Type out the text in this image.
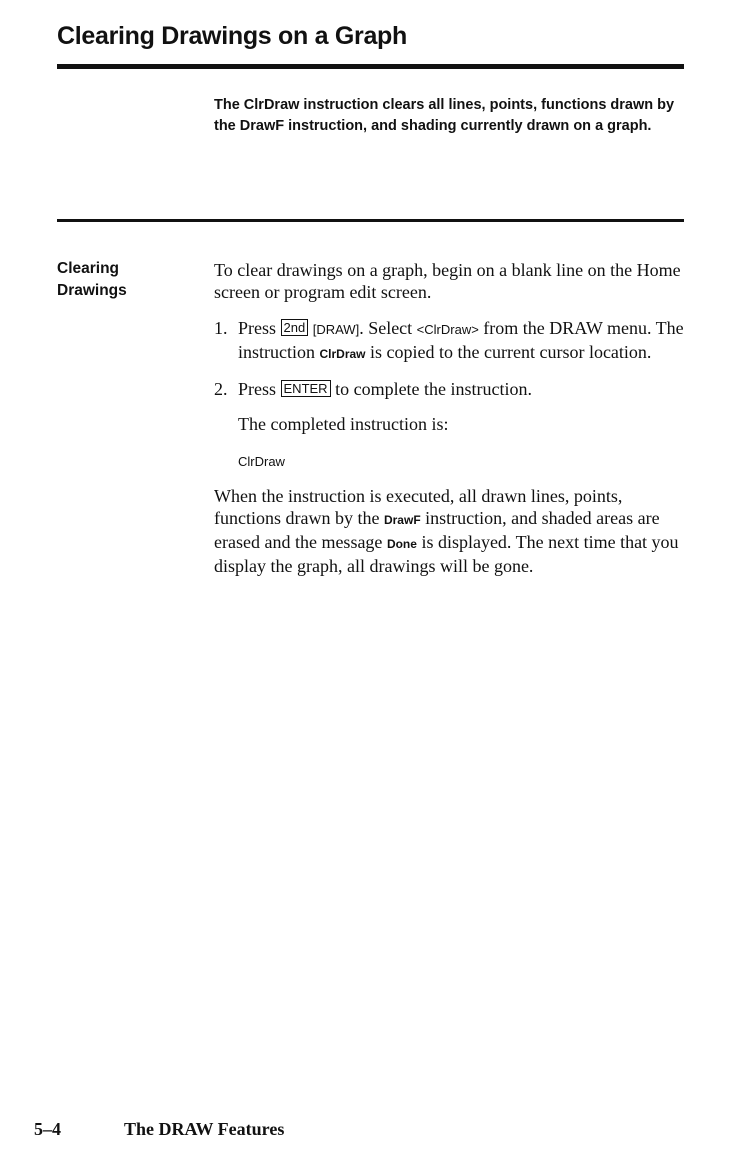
Clearing Drawings on a Graph

The ClrDraw instruction clears all lines, points, functions drawn by the DrawF instruction, and shading currently drawn on a graph.

Clearing
Drawings

To clear drawings on a graph, begin on a blank line on the Home screen or program edit screen.

1. Press 2nd [DRAW]. Select <ClrDraw> from the DRAW menu. The instruction ClrDraw is copied to the current cursor location.
2. Press ENTER to complete the instruction.

The completed instruction is:

ClrDraw

When the instruction is executed, all drawn lines, points, functions drawn by the DrawF instruction, and shaded areas are erased and the message Done is displayed. The next time that you display the graph, all drawings will be gone.

5–4	The DRAW Features
